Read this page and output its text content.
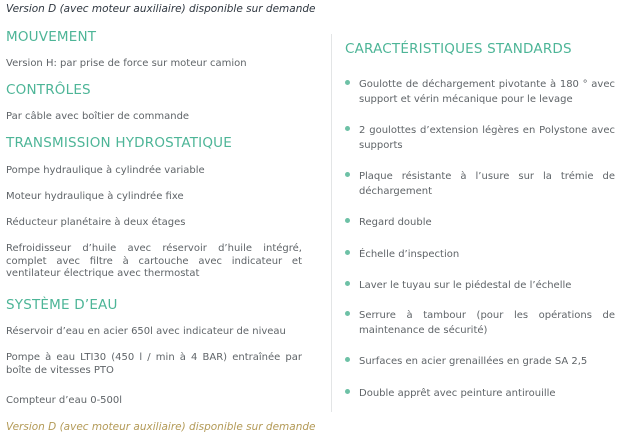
Version D (avec moteur auxiliaire) disponible sur demande
MOUVEMENT
Version H: par prise de force sur moteur camion
CONTRÔLES
Par câble avec boîtier de commande
TRANSMISSION HYDROSTATIQUE
Pompe hydraulique à cylindrée variable
Moteur hydraulique à cylindrée fixe
Réducteur planétaire à deux étages
Refroidisseur d’huile avec réservoir d’huile intégré, complet avec filtre à cartouche avec indicateur et ventilateur électrique avec thermostat
SYSTÈME D’EAU
Réservoir d’eau en acier 650l avec indicateur de niveau
Pompe à eau LTI30 (450 l / min à 4 BAR) entraînée par boîte de vitesses PTO
Compteur d’eau 0-500l
CARACTÉRISTIQUES STANDARDS
Goulotte de déchargement pivotante à 180 ° avec support et vérin mécanique pour le levage
2 goulottes d’extension légères en Polystone avec supports
Plaque résistante à l’usure sur la trémie de déchargement
Regard double
Échelle d’inspection
Laver le tuyau sur le piédestal de l’échelle
Serrure à tambour (pour les opérations de maintenance de sécurité)
Surfaces en acier grenaillées en grade SA 2,5
Double apprêt avec peinture antirouille
Version D (avec moteur auxiliaire) disponible sur demande
